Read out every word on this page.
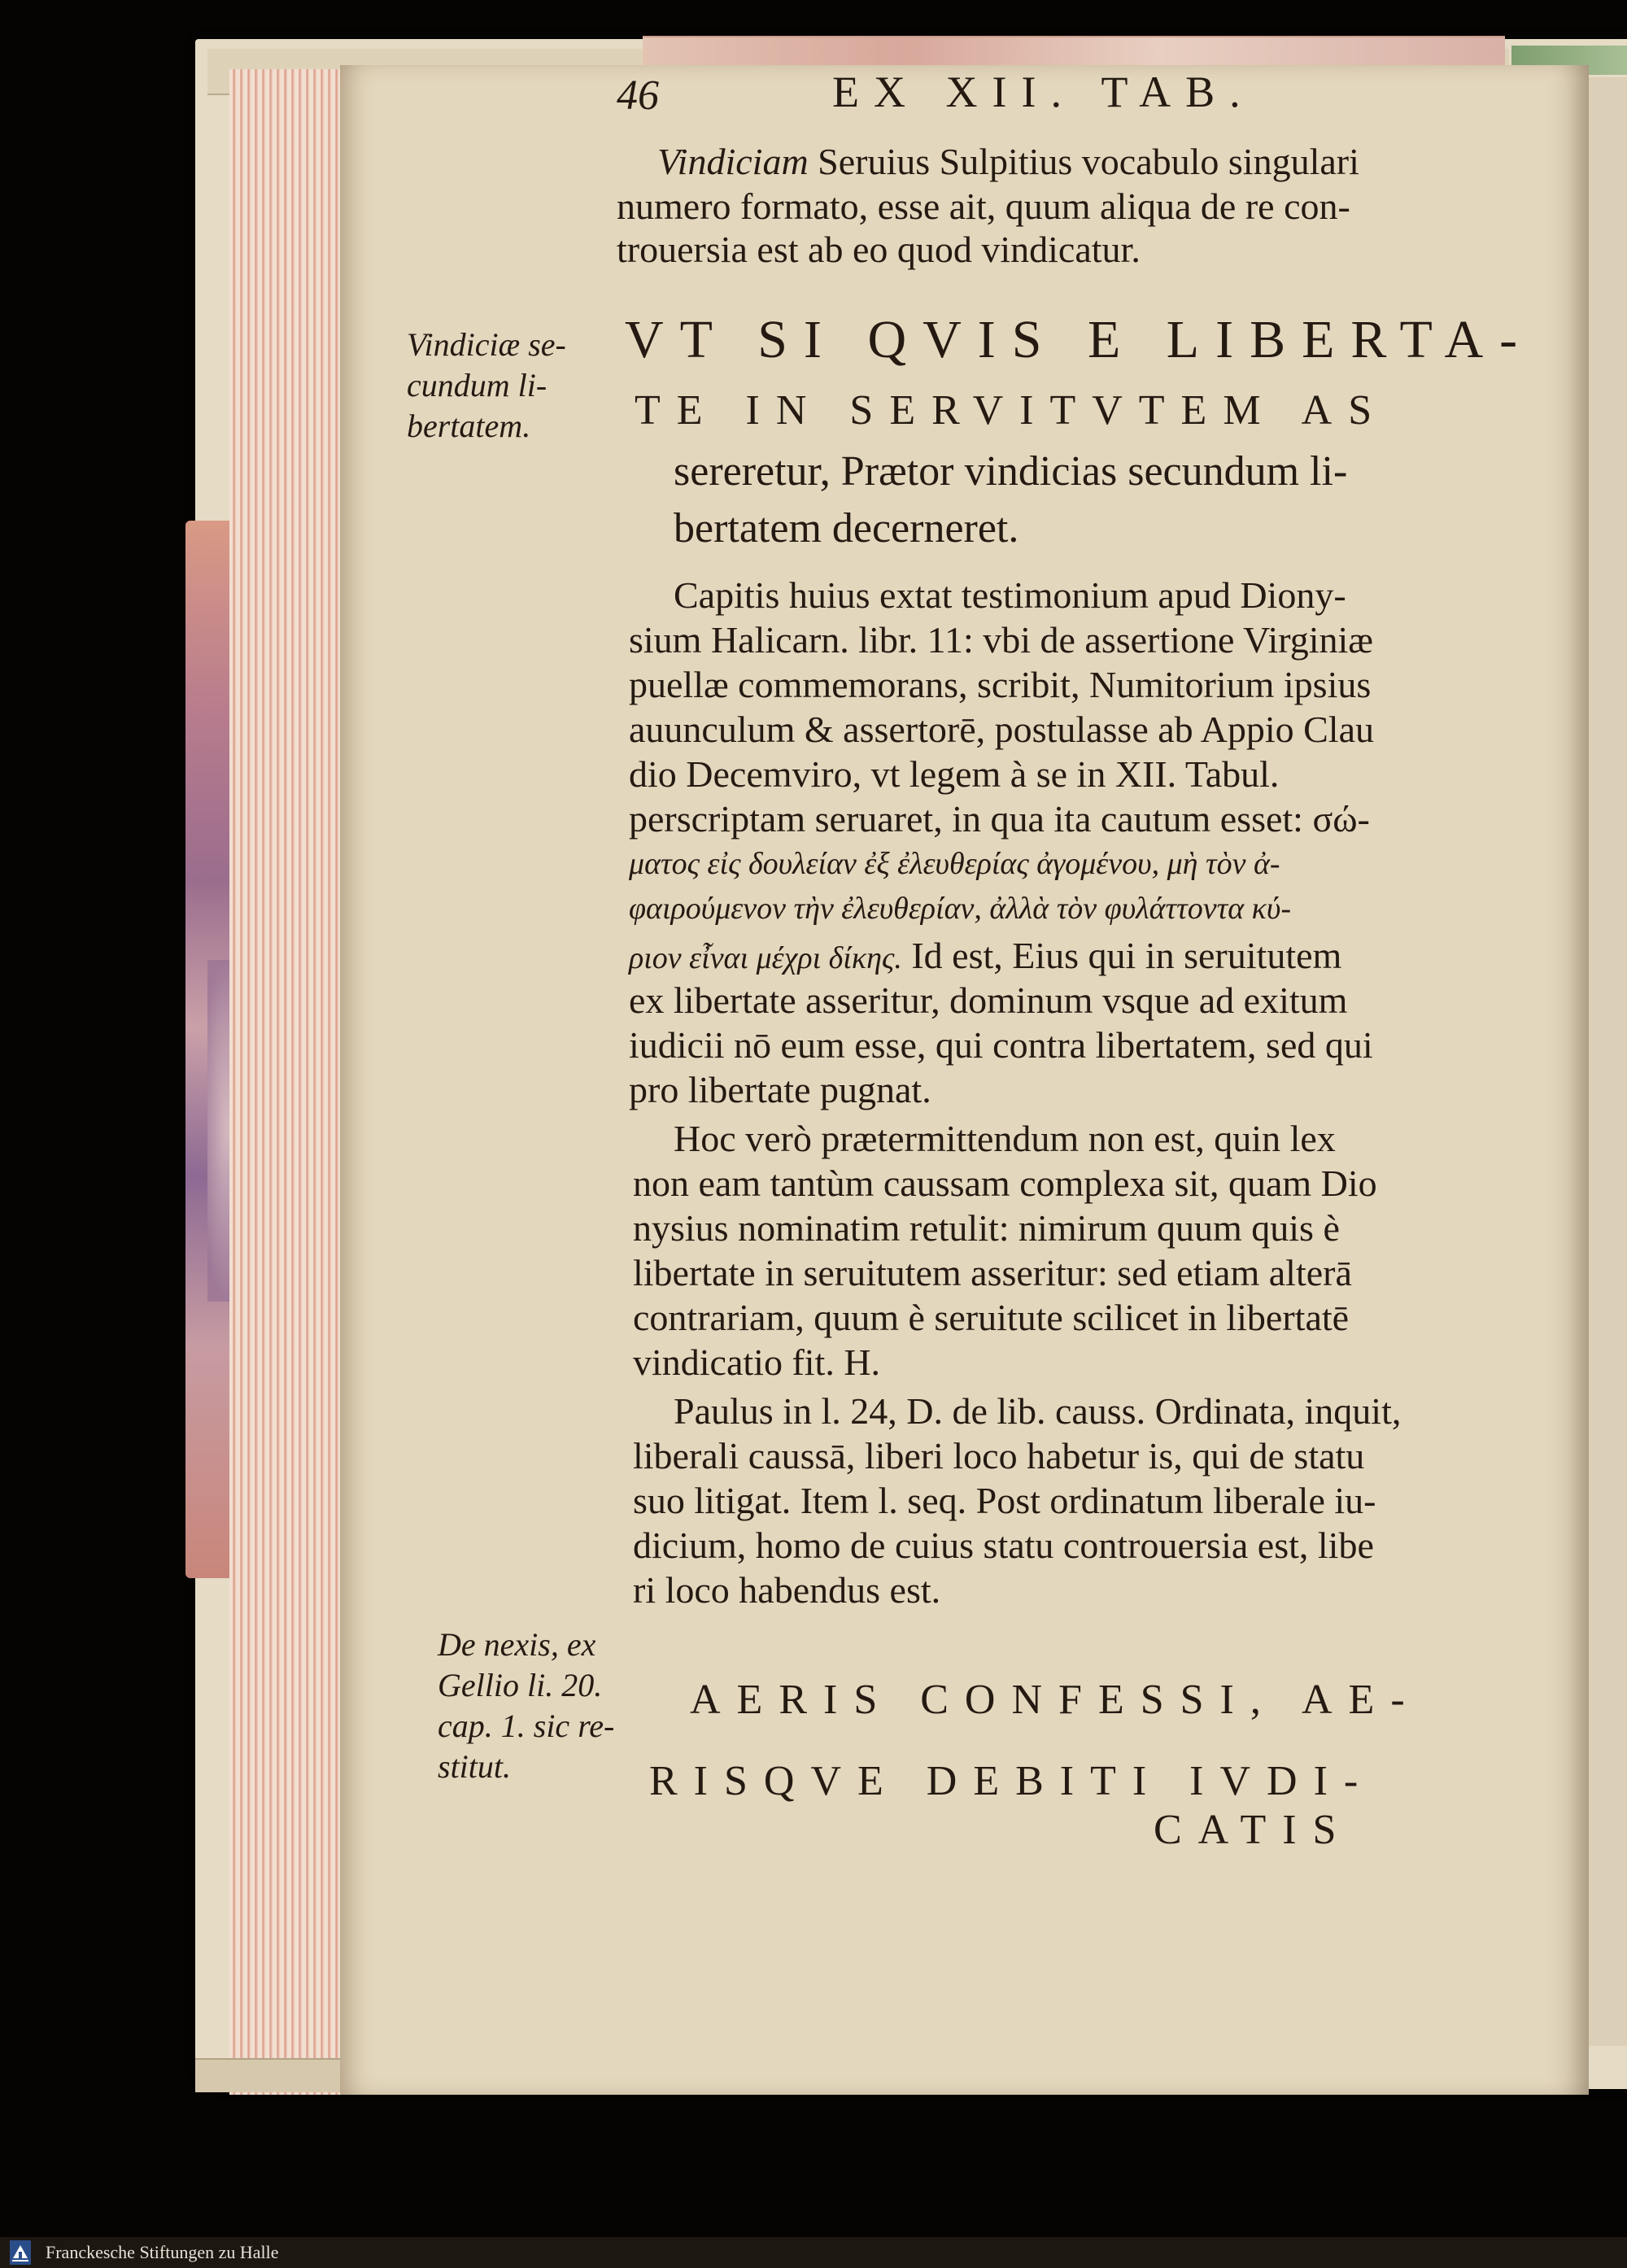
46	EX XII. TAB.
Vindiciam Seruius Sulpitius vocabulo singulari
numero formato, esse ait, quum aliqua de re con-
trouersia est ab eo quod vindicatur.
Vindiciæ se-
cundum li-
bertatem.
VT SI QVIS E LIBERTA-
TE IN SERVITVTEM AS
sereretur, Prætor vindicias secundum li-
bertatem decerneret.
Capitis huius extat testimonium apud Diony-
sium Halicarn. libr. 11: vbi de assertione Virginiæ
puellæ commemorans, scribit, Numitorium ipsius
auunculum & assertorē, postulasse ab Appio Clau
dio Decemviro, vt legem à se in XII. Tabul.
perscriptam seruaret, in qua ita cautum esset: σώ-
ματος εἰς δουλείαν ἐξ ἐλευθερίας ἀγομένου, μὴ τὸν ἀ-
φαιρούμενον τὴν ἐλευθερίαν, ἀλλὰ τὸν φυλάττοντα κύ-
ριον εἶναι μέχρι δίκης. Id est, Eius qui in seruitutem
ex libertate asseritur, dominum vsque ad exitum
iudicii nō eum esse, qui contra libertatem, sed qui
pro libertate pugnat.
Hoc verò prætermittendum non est, quin lex
non eam tantùm caussam complexa sit, quam Dio
nysius nominatim retulit: nimirum quum quis è
libertate in seruitutem asseritur: sed etiam alterā
contrariam, quum è seruitute scilicet in libertatē
vindicatio fit. H.
Paulus in l. 24, D. de lib. causs. Ordinata, inquit,
liberali caussā, liberi loco habetur is, qui de statu
suo litigat. Item l. seq. Post ordinatum liberale iu-
dicium, homo de cuius statu controuersia est, libe
ri loco habendus est.
De nexis, ex
Gellio li. 20.
cap. 1. sic re-
stitut.
AERIS CONFESSI, AE-
RISQVE DEBITI IVDI-
CATIS
Franckesche Stiftungen zu Halle
